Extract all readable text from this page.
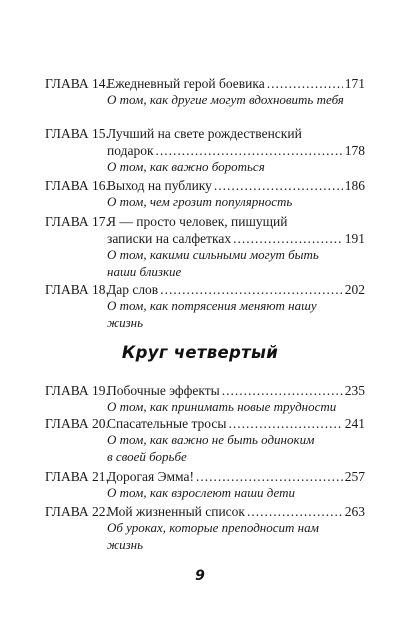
ГЛАВА 14.
Ежедневный герой боевика .....	171
О том, как другие могут вдохновить тебя
ГЛАВА 15.
Лучший на свете рождественский
подарок .....	178
О том, как важно бороться
ГЛАВА 16.
Выход на публику .....	186
О том, чем грозит популярность
ГЛАВА 17.
Я — просто человек, пишущий
записки на салфетках .....	191
О том, какими сильными могут быть
наши близкие
ГЛАВА 18.
Дар слов .....	202
О том, как потрясения меняют нашу
жизнь
ГЛАВА 19.
Побочные эффекты .....	235
О том, как принимать новые трудности
ГЛАВА 20.
Спасательные тросы .....	241
О том, как важно не быть одиноким
в своей борьбе
ГЛАВА 21.
Дорогая Эмма! .....	257
О том, как взрослеют наши дети
ГЛАВА 22.
Мой жизненный список .....	263
Об уроках, которые преподносит нам
жизнь
Круг четвертый
9
